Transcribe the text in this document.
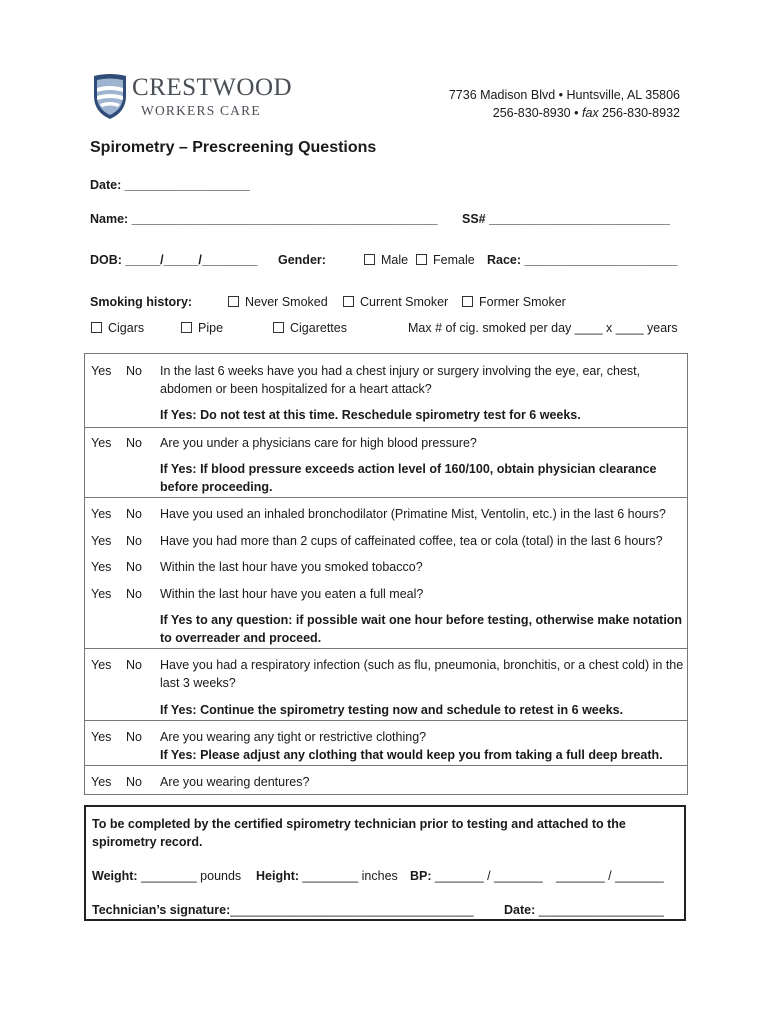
CRESTWOOD
WORKERS CARE
7736 Madison Blvd • Huntsville, AL 35806
256-830-8930 • fax 256-830-8932
Spirometry – Prescreening Questions
Date: __________________
Name: ____________________________________________ SS# __________________________
DOB: _____/_____/________ Gender:	Male	Female Race: ______________________
Smoking history:	Never Smoked	Current Smoker	Former Smoker
Cigars	Pipe	Cigarettes	Max # of cig. smoked per day ____ x ____ years
Yes No In the last 6 weeks have you had a chest injury or surgery involving the eye, ear, chest, abdomen or been hospitalized for a heart attack?
If Yes: Do not test at this time. Reschedule spirometry test for 6 weeks.
Yes No Are you under a physicians care for high blood pressure?
If Yes: If blood pressure exceeds action level of 160/100, obtain physician clearance before proceeding.
Yes No Have you used an inhaled bronchodilator (Primatine Mist, Ventolin, etc.) in the last 6 hours?
Yes No Have you had more than 2 cups of caffeinated coffee, tea or cola (total) in the last 6 hours?
Yes No Within the last hour have you smoked tobacco?
Yes No Within the last hour have you eaten a full meal?
If Yes to any question: if possible wait one hour before testing, otherwise make notation to overreader and proceed.
Yes No Have you had a respiratory infection (such as flu, pneumonia, bronchitis, or a chest cold) in the last 3 weeks?
If Yes: Continue the spirometry testing now and schedule to retest in 6 weeks.
Yes No Are you wearing any tight or restrictive clothing?
If Yes: Please adjust any clothing that would keep you from taking a full deep breath.
Yes No Are you wearing dentures?
To be completed by the certified spirometry technician prior to testing and attached to the spirometry record.
Weight: ________ pounds Height: ________ inches BP: _______ / _______ _______ / _______
Technician’s signature:___________________________________ Date: __________________
